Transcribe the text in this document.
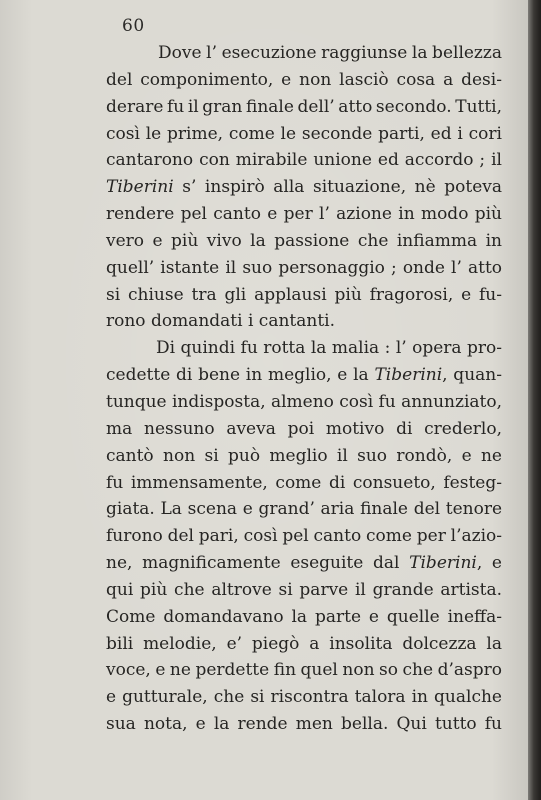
60
Dove l’ esecuzione raggiunse la bellezza
del componimento, e non lasciò cosa a desi-
derare fu il gran finale dell’ atto secondo. Tutti,
così le prime, come le seconde parti, ed i cori
cantarono con mirabile unione ed accordo ; il
Tiberini s’ inspirò alla situazione, nè poteva
rendere pel canto e per l’ azione in modo più
vero e più vivo la passione che infiamma in
quell’ istante il suo personaggio ; onde l’ atto
si chiuse tra gli applausi più fragorosi, e fu-
rono domandati i cantanti.
Di quindi fu rotta la malia : l’ opera pro-
cedette di bene in meglio, e la Tiberini, quan-
tunque indisposta, almeno così fu annunziato,
ma nessuno aveva poi motivo di crederlo,
cantò non si può meglio il suo rondò, e ne
fu immensamente, come di consueto, festeg-
giata. La scena e grand’ aria finale del tenore
furono del pari, così pel canto come per l’azio-
ne, magnificamente eseguite dal Tiberini, e
qui più che altrove si parve il grande artista.
Come domandavano la parte e quelle ineffa-
bili melodie, e’ piegò a insolita dolcezza la
voce, e ne perdette fin quel non so che d’aspro
e gutturale, che si riscontra talora in qualche
sua nota, e la rende men bella. Qui tutto fu
